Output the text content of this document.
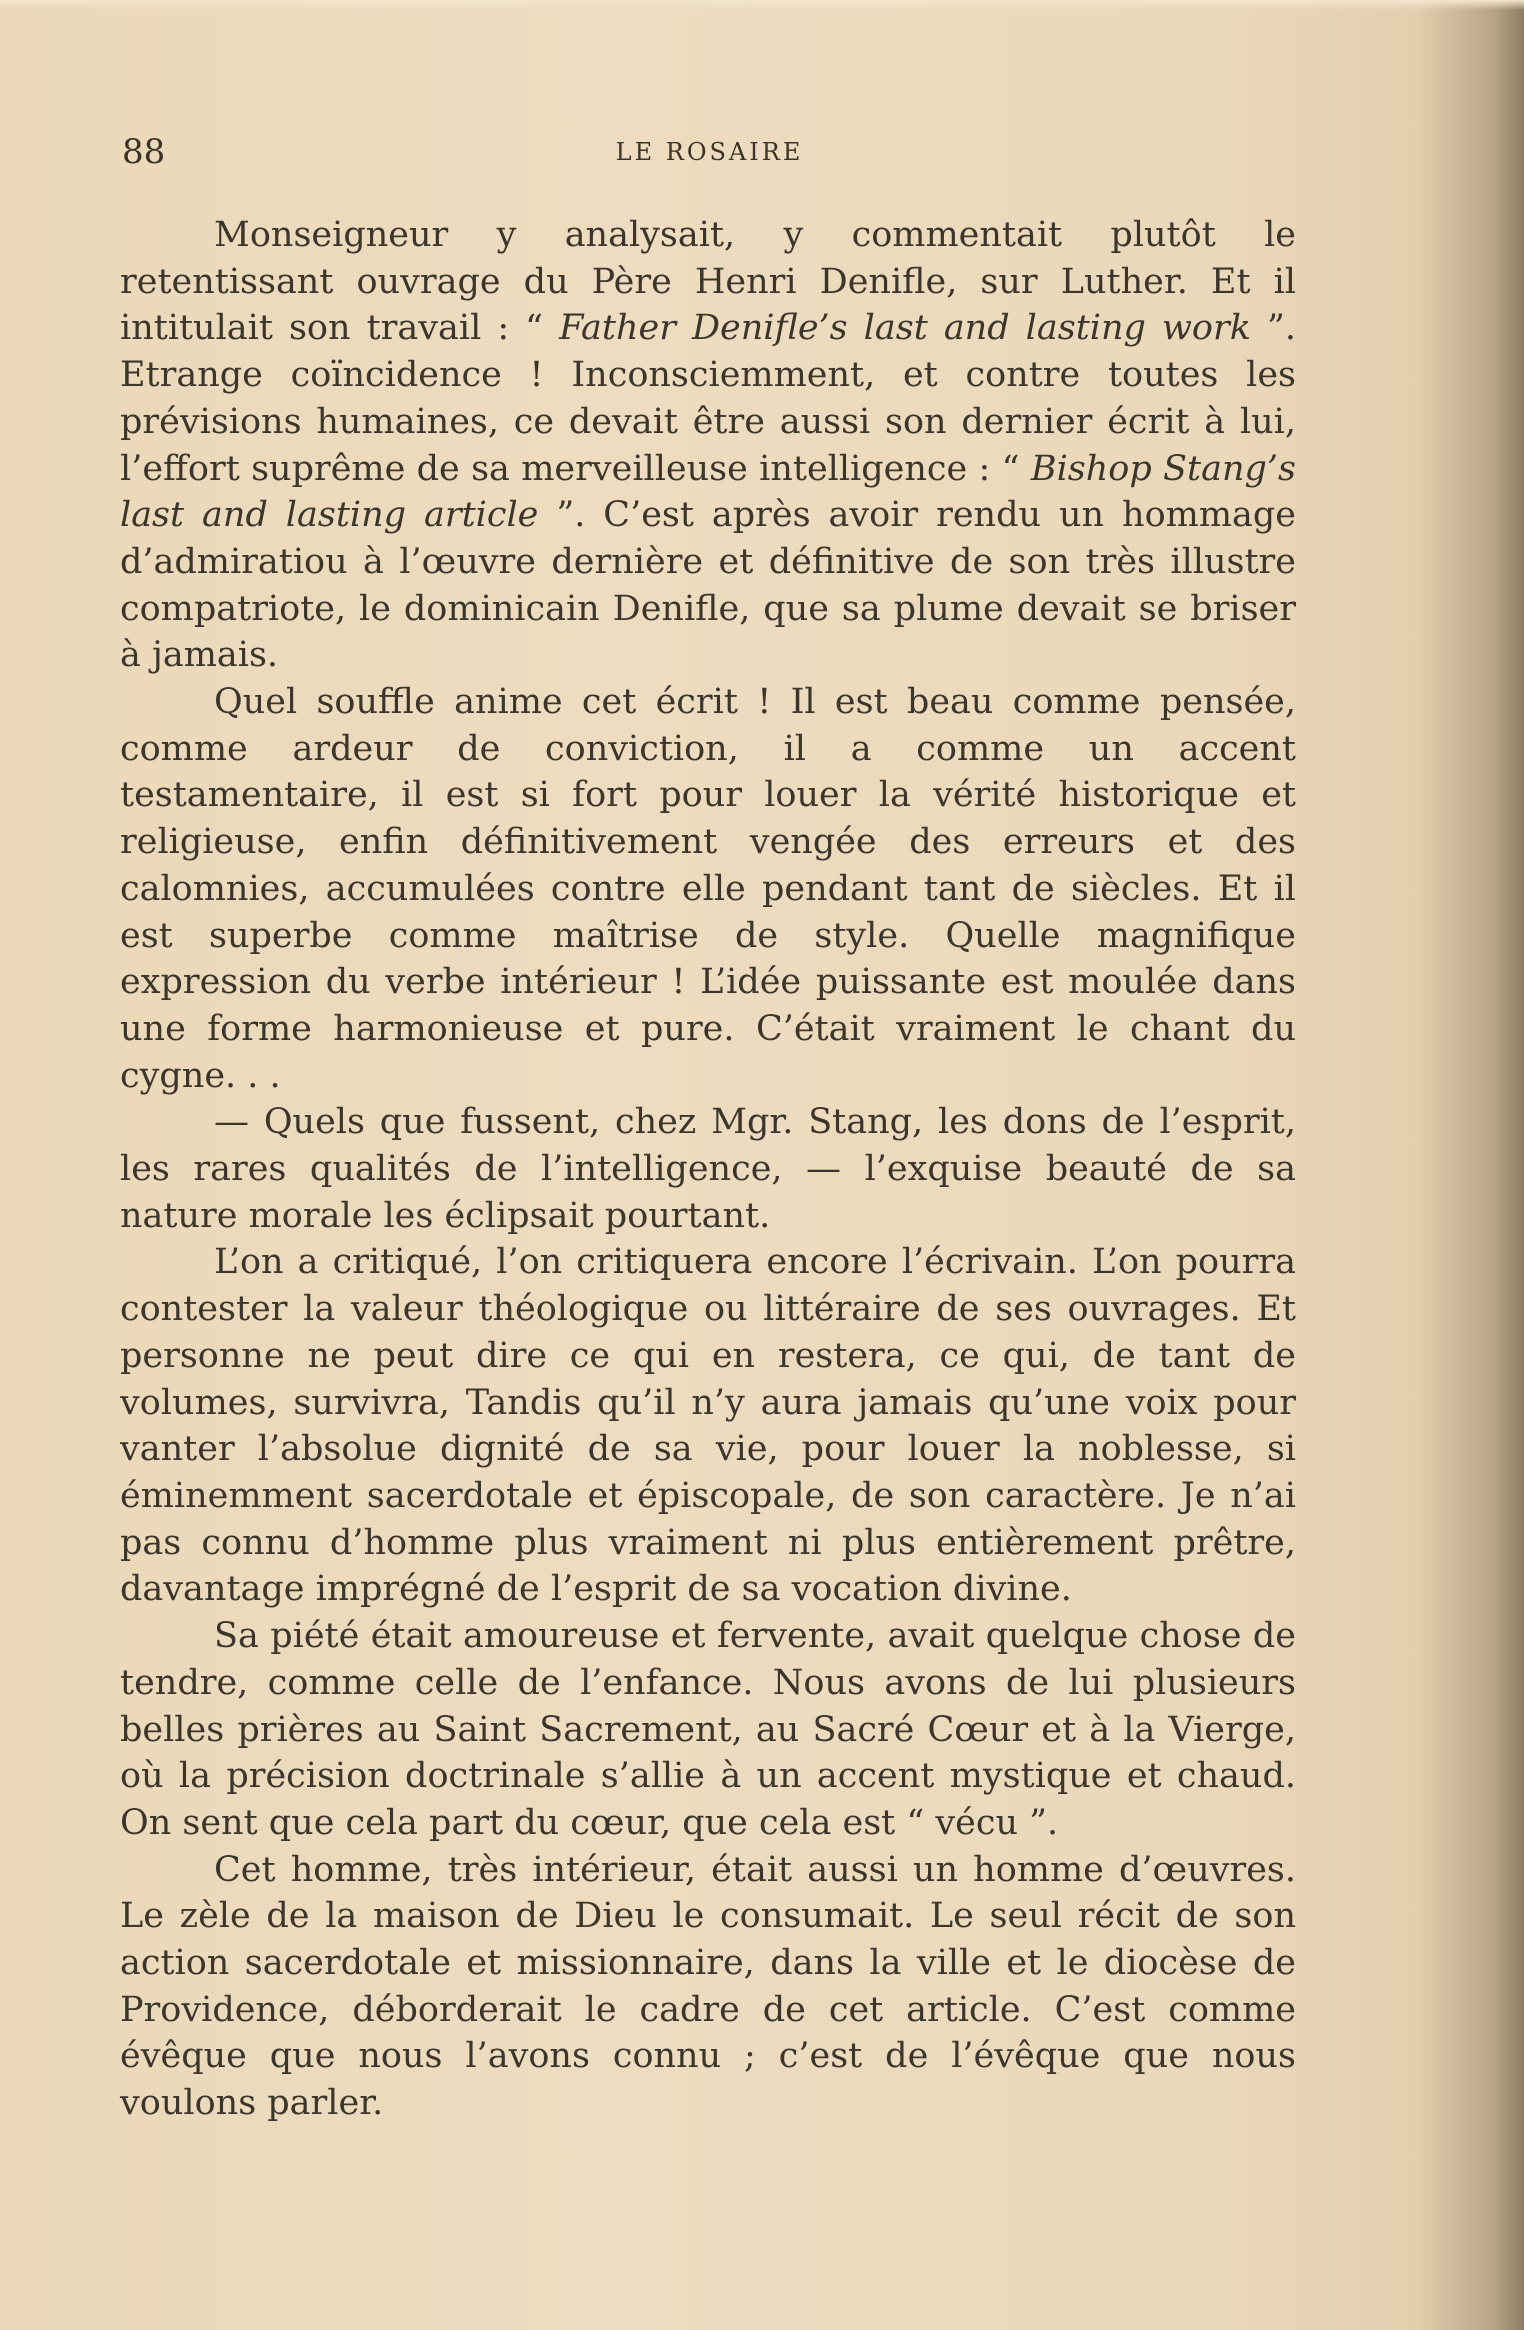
88	LE ROSAIRE

Monseigneur y analysait, y commentait plutôt le retentissant ouvrage du Père Henri Denifle, sur Luther. Et il intitulait son travail : “ Father Denifle’s last and lasting work ”. Etrange coïncidence ! Inconsciemment, et contre toutes les prévisions humaines, ce devait être aussi son dernier écrit à lui, l’effort suprême de sa merveilleuse intelligence : “ Bishop Stang’s last and lasting article ”. C’est après avoir rendu un hommage d’admiratiou à l’œuvre dernière et définitive de son très illustre compatriote, le dominicain Denifle, que sa plume devait se briser à jamais.

Quel souffle anime cet écrit ! Il est beau comme pensée, comme ardeur de conviction, il a comme un accent testamentaire, il est si fort pour louer la vérité historique et religieuse, enfin définitivement vengée des erreurs et des calomnies, accumulées contre elle pendant tant de siècles. Et il est superbe comme maîtrise de style. Quelle magnifique expression du verbe intérieur ! L’idée puissante est moulée dans une forme harmonieuse et pure. C’était vraiment le chant du cygne. . .

— Quels que fussent, chez Mgr. Stang, les dons de l’esprit, les rares qualités de l’intelligence, — l’exquise beauté de sa nature morale les éclipsait pourtant.

L’on a critiqué, l’on critiquera encore l’écrivain. L’on pourra contester la valeur théologique ou littéraire de ses ouvrages. Et personne ne peut dire ce qui en restera, ce qui, de tant de volumes, survivra, Tandis qu’il n’y aura jamais qu’une voix pour vanter l’absolue dignité de sa vie, pour louer la noblesse, si éminemment sacerdotale et épiscopale, de son caractère. Je n’ai pas connu d’homme plus vraiment ni plus entièrement prêtre, davantage imprégné de l’esprit de sa vocation divine.

Sa piété était amoureuse et fervente, avait quelque chose de tendre, comme celle de l’enfance. Nous avons de lui plusieurs belles prières au Saint Sacrement, au Sacré Cœur et à la Vierge, où la précision doctrinale s’allie à un accent mystique et chaud. On sent que cela part du cœur, que cela est “ vécu ”.

Cet homme, très intérieur, était aussi un homme d’œuvres. Le zèle de la maison de Dieu le consumait. Le seul récit de son action sacerdotale et missionnaire, dans la ville et le diocèse de Providence, déborderait le cadre de cet article. C’est comme évêque que nous l’avons connu ; c’est de l’évêque que nous voulons parler.
